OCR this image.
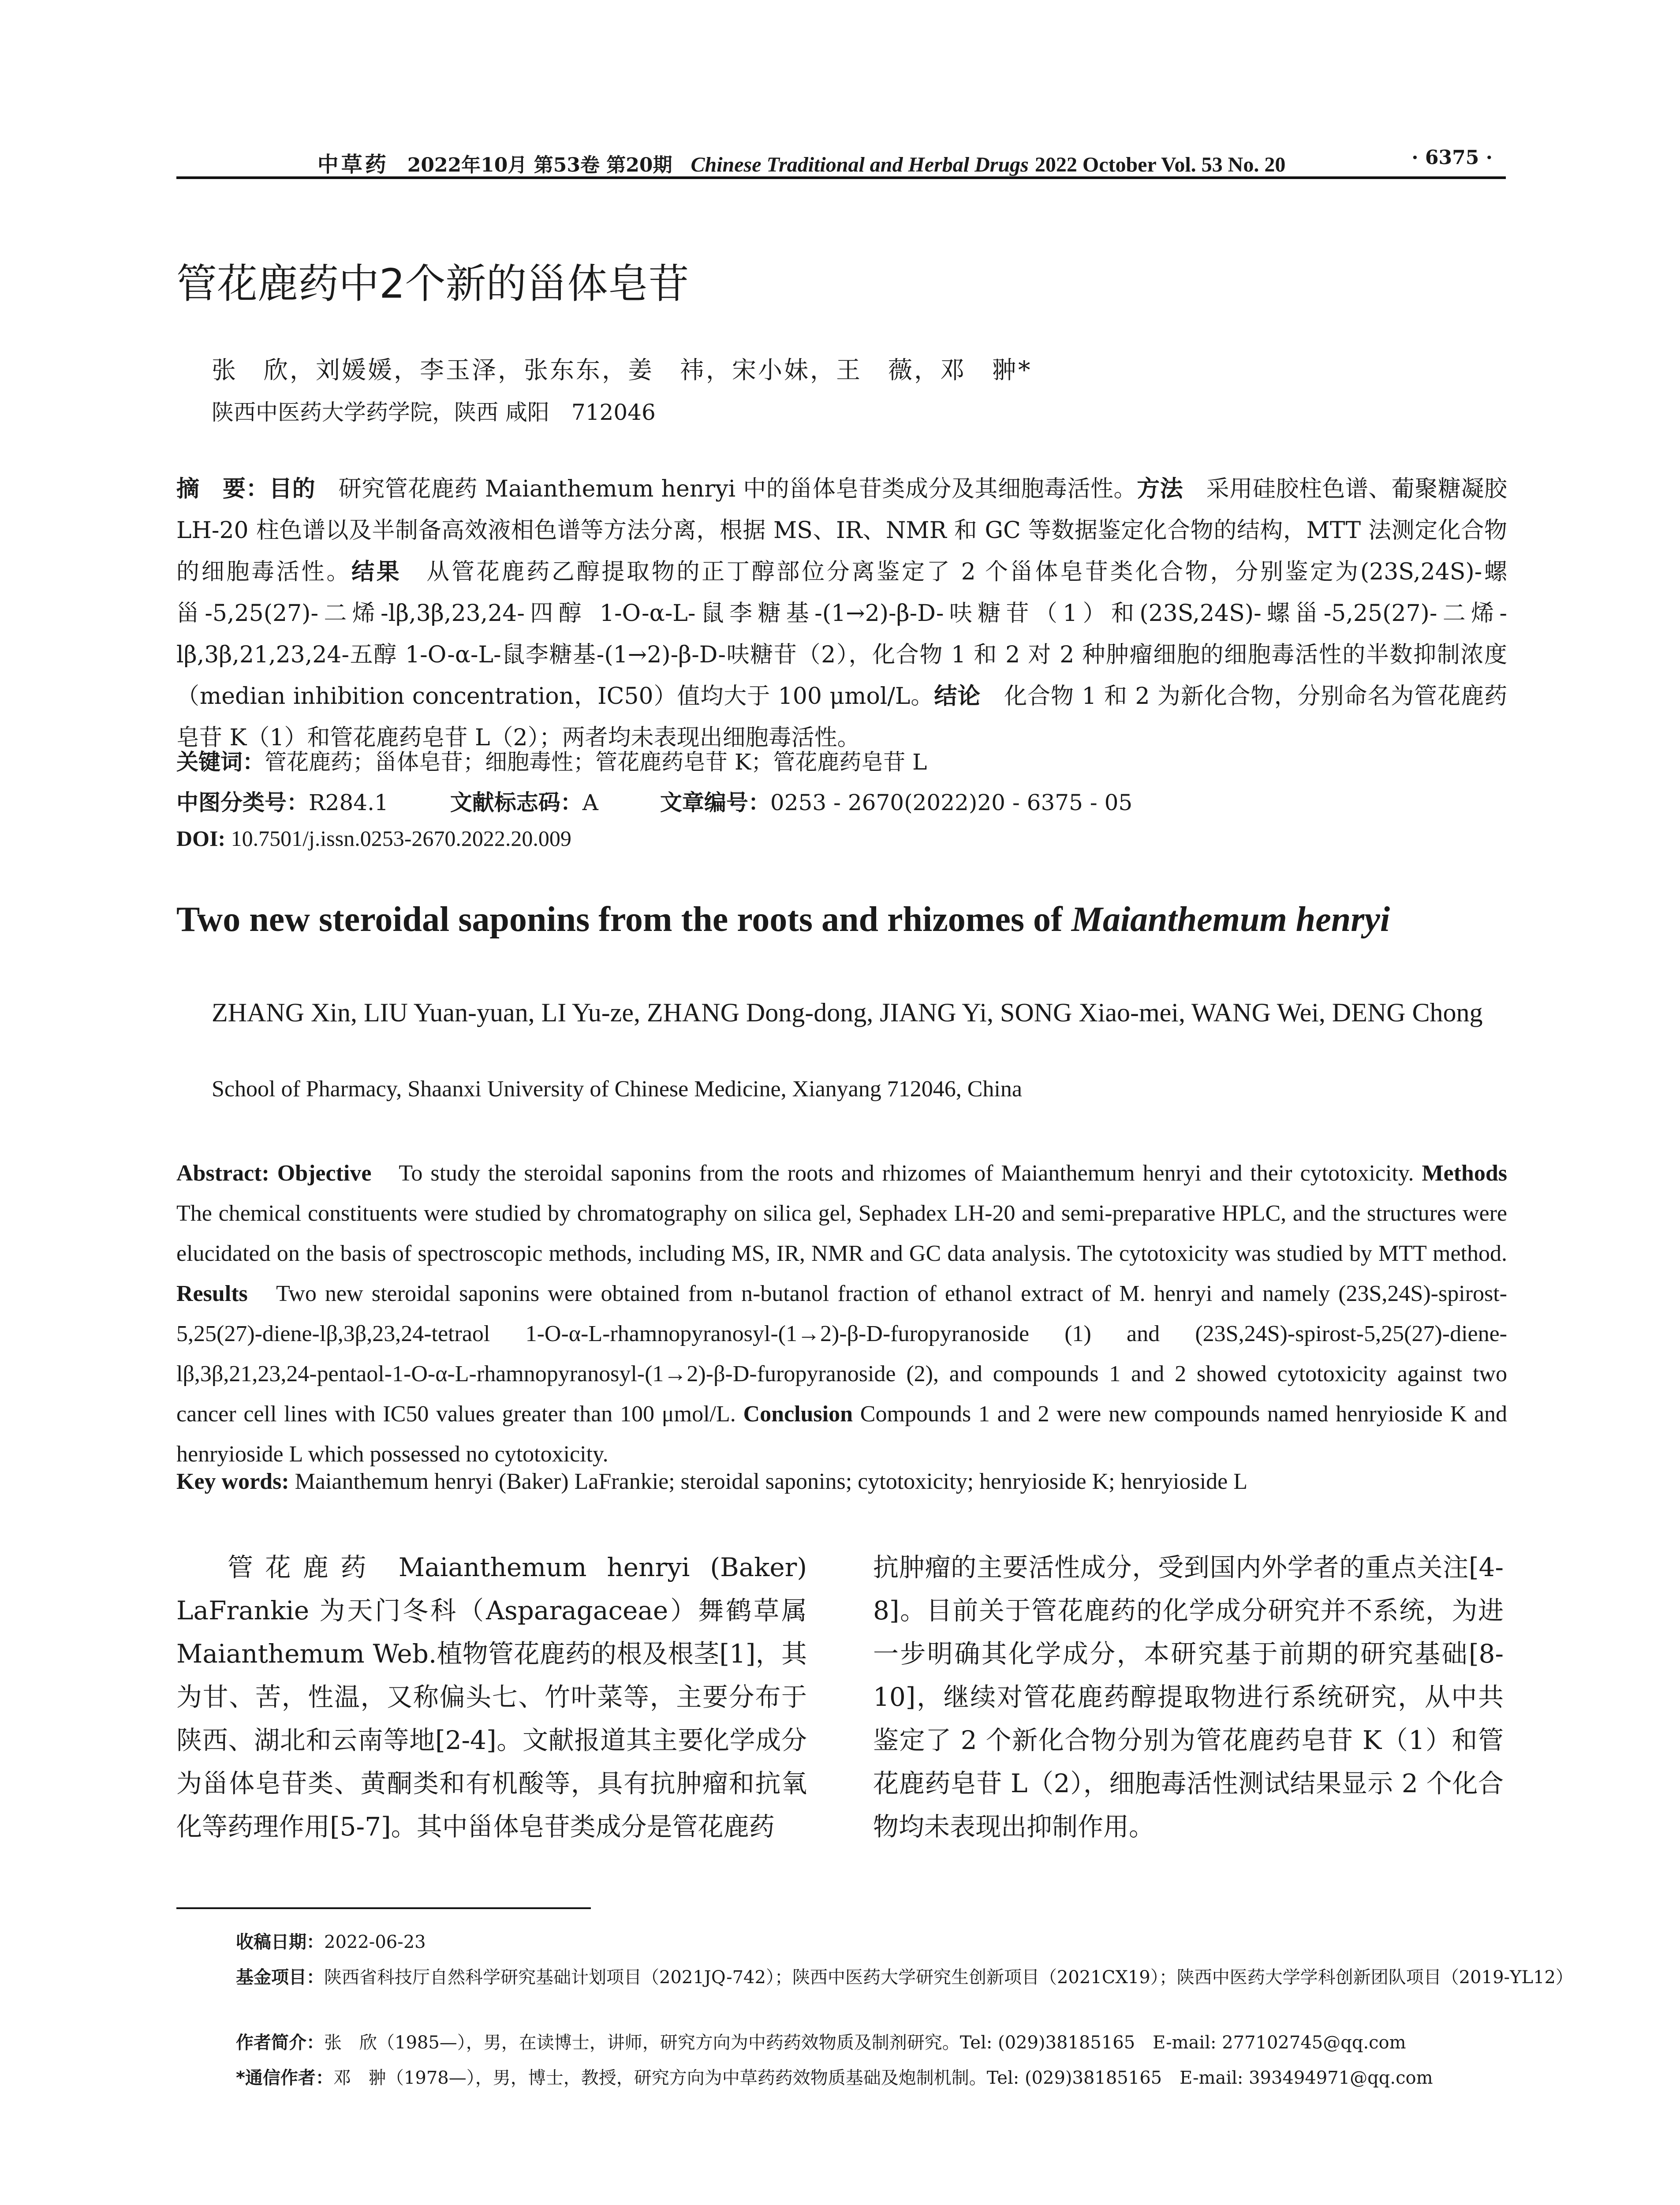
中草药 2022年10月 第53卷 第20期 Chinese Traditional and Herbal Drugs 2022 October Vol. 53 No. 20	· 6375 ·
管花鹿药中2个新的甾体皂苷
张　欣，刘媛媛，李玉泽，张东东，姜　祎，宋小妹，王　薇，邓　翀*
陕西中医药大学药学院，陕西 咸阳　712046
摘　要：目的　 研究管花鹿药 Maianthemum henryi 中的甾体皂苷类成分及其细胞毒活性。方法　 采用硅胶柱色谱、葡聚糖凝胶 LH-20 柱色谱以及半制备高效液相色谱等方法分离，根据 MS、IR、NMR 和 GC 等数据鉴定化合物的结构，MTT 法测定化合物的细胞毒活性。结果　 从管花鹿药乙醇提取物的正丁醇部位分离鉴定了 2 个甾体皂苷类化合物，分别鉴定为(23S,24S)-螺甾-5,25(27)-二烯-lβ,3β,23,24-四醇 1-O-α-L-鼠李糖基-(1→2)-β-D-呋糖苷（1）和(23S,24S)-螺甾-5,25(27)-二烯-lβ,3β,21,23,24-五醇 1-O-α-L-鼠李糖基-(1→2)-β-D-呋糖苷（2），化合物 1 和 2 对 2 种肿瘤细胞的细胞毒活性的半数抑制浓度（median inhibition concentration，IC50）值均大于 100 μmol/L。结论　 化合物 1 和 2 为新化合物，分别命名为管花鹿药皂苷 K（1）和管花鹿药皂苷 L（2）；两者均未表现出细胞毒活性。
关键词：管花鹿药；甾体皂苷；细胞毒性；管花鹿药皂苷 K；管花鹿药皂苷 L
中图分类号：R284.1	文献标志码：A	文章编号：0253 - 2670(2022)20 - 6375 - 05
DOI: 10.7501/j.issn.0253-2670.2022.20.009
Two new steroidal saponins from the roots and rhizomes of Maianthemum henryi
ZHANG Xin, LIU Yuan-yuan, LI Yu-ze, ZHANG Dong-dong, JIANG Yi, SONG Xiao-mei, WANG Wei, DENG Chong
School of Pharmacy, Shaanxi University of Chinese Medicine, Xianyang 712046, China
Abstract: Objective　 To study the steroidal saponins from the roots and rhizomes of Maianthemum henryi and their cytotoxicity. Methods　The chemical constituents were studied by chromatography on silica gel, Sephadex LH-20 and semi-preparative HPLC, and the structures were elucidated on the basis of spectroscopic methods, including MS, IR, NMR and GC data analysis. The cytotoxicity was studied by MTT method. Results　 Two new steroidal saponins were obtained from n-butanol fraction of ethanol extract of M. henryi and namely (23S,24S)-spirost-5,25(27)-diene-lβ,3β,23,24-tetraol 1-O-α-L-rhamnopyranosyl-(1→2)-β-D-furopyranoside (1) and (23S,24S)-spirost-5,25(27)-diene-lβ,3β,21,23,24-pentaol-1-O-α-L-rhamnopyranosyl-(1→2)-β-D-furopyranoside (2), and compounds 1 and 2 showed cytotoxicity against two cancer cell lines with IC50 values greater than 100 μmol/L. Conclusion Compounds 1 and 2 were new compounds named henryioside K and henryioside L which possessed no cytotoxicity.
Key words: Maianthemum henryi (Baker) LaFrankie; steroidal saponins; cytotoxicity; henryioside K; henryioside L
管花鹿药 Maianthemum henryi (Baker) LaFrankie 为天门冬科（Asparagaceae）舞鹤草属 Maianthemum Web.植物管花鹿药的根及根茎[1]，其为甘、苦，性温，又称偏头七、竹叶菜等，主要分布于陕西、湖北和云南等地[2-4]。文献报道其主要化学成分为甾体皂苷类、黄酮类和有机酸等，具有抗肿瘤和抗氧化等药理作用[5-7]。其中甾体皂苷类成分是管花鹿药
抗肿瘤的主要活性成分，受到国内外学者的重点关注[4-8]。目前关于管花鹿药的化学成分研究并不系统，为进一步明确其化学成分，本研究基于前期的研究基础[8-10]，继续对管花鹿药醇提取物进行系统研究，从中共鉴定了 2 个新化合物分别为管花鹿药皂苷 K（1）和管花鹿药皂苷 L（2），细胞毒活性测试结果显示 2 个化合物均未表现出抑制作用。
收稿日期：2022-06-23
基金项目：陕西省科技厅自然科学研究基础计划项目（2021JQ-742）；陕西中医药大学研究生创新项目（2021CX19）；陕西中医药大学学科创新团队项目（2019-YL12）
作者简介：张　欣（1985—），男，在读博士，讲师，研究方向为中药药效物质及制剂研究。Tel: (029)38185165　E-mail: 277102745@qq.com
*通信作者：邓　翀（1978—），男，博士，教授，研究方向为中草药药效物质基础及炮制机制。Tel: (029)38185165　E-mail: 393494971@qq.com
